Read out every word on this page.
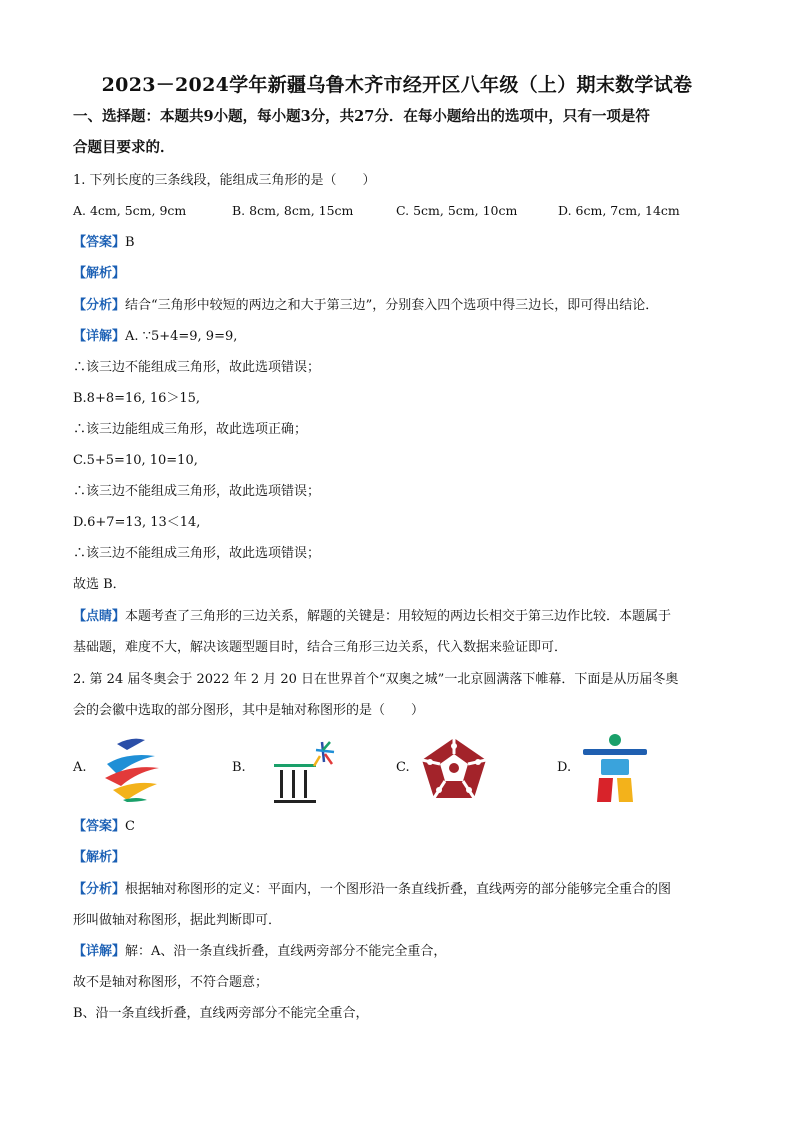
2023－2024学年新疆乌鲁木齐市经开区八年级（上）期末数学试卷
一、选择题：本题共9小题，每小题3分，共27分．在每小题给出的选项中，只有一项是符
合题目要求的．
1. 下列长度的三条线段，能组成三角形的是（　　）
A. 4cm, 5cm, 9cm	B. 8cm, 8cm, 15cm	C. 5cm, 5cm, 10cm	D. 6cm, 7cm, 14cm
【答案】B
【解析】
【分析】结合“三角形中较短的两边之和大于第三边”，分别套入四个选项中得三边长，即可得出结论．
【详解】A. ∵5+4=9, 9=9,
∴该三边不能组成三角形，故此选项错误；
B.8+8=16, 16＞15,
∴该三边能组成三角形，故此选项正确；
C.5+5=10, 10=10,
∴该三边不能组成三角形，故此选项错误；
D.6+7=13, 13＜14,
∴该三边不能组成三角形，故此选项错误；
故选 B．
【点睛】本题考查了三角形的三边关系，解题的关键是：用较短的两边长相交于第三边作比较．本题属于
基础题，难度不大，解决该题型题目时，结合三角形三边关系，代入数据来验证即可．
2. 第 24 届冬奥会于 2022 年 2 月 20 日在世界首个“双奥之城”一北京圆满落下帷幕．下面是从历届冬奥
会的会徽中选取的部分图形，其中是轴对称图形的是（　　）
A.	B.	C.	D.
【答案】C
【解析】
【分析】根据轴对称图形的定义：平面内，一个图形沿一条直线折叠，直线两旁的部分能够完全重合的图
形叫做轴对称图形，据此判断即可．
【详解】解：A、沿一条直线折叠，直线两旁部分不能完全重合，
故不是轴对称图形，不符合题意；
B、沿一条直线折叠，直线两旁部分不能完全重合，
